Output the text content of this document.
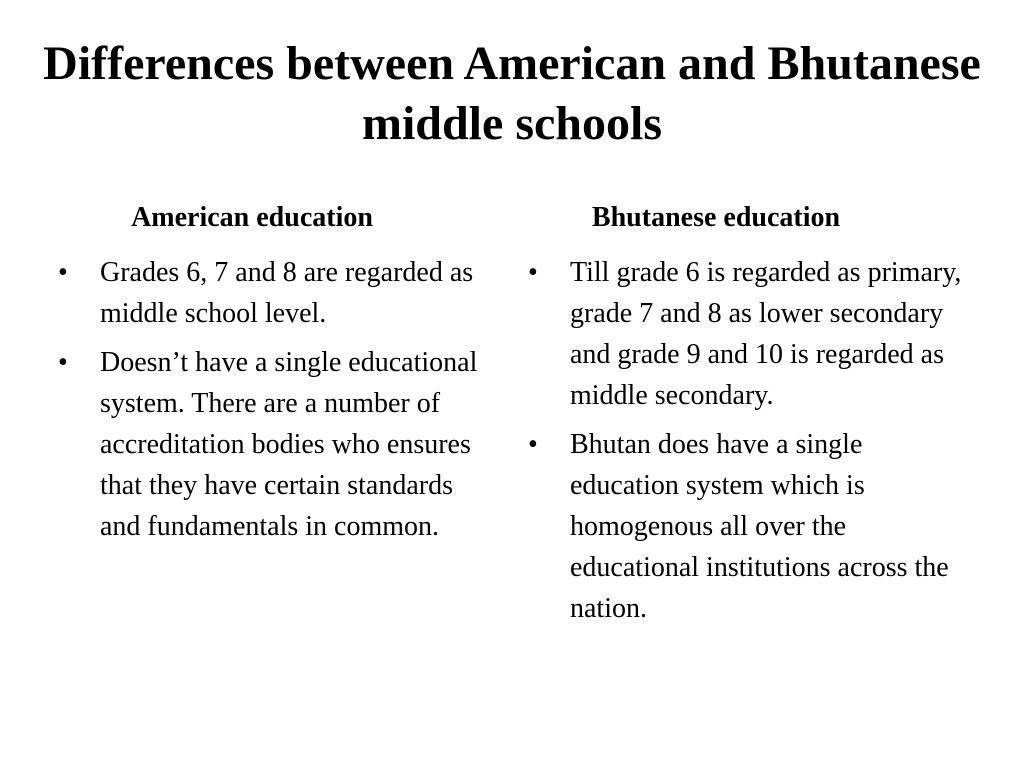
Differences between American and Bhutanese middle schools
American education	Bhutanese education
•	Grades 6, 7 and 8 are regarded as middle school level.
•	Doesn’t have a single educational system. There are a number of accreditation bodies who ensures that they have certain standards and fundamentals in common.
•	Till grade 6 is regarded as primary, grade 7 and 8 as lower secondary and grade 9 and 10 is regarded as middle secondary.
•	Bhutan does have a single education system which is homogenous all over the educational institutions across the nation.
